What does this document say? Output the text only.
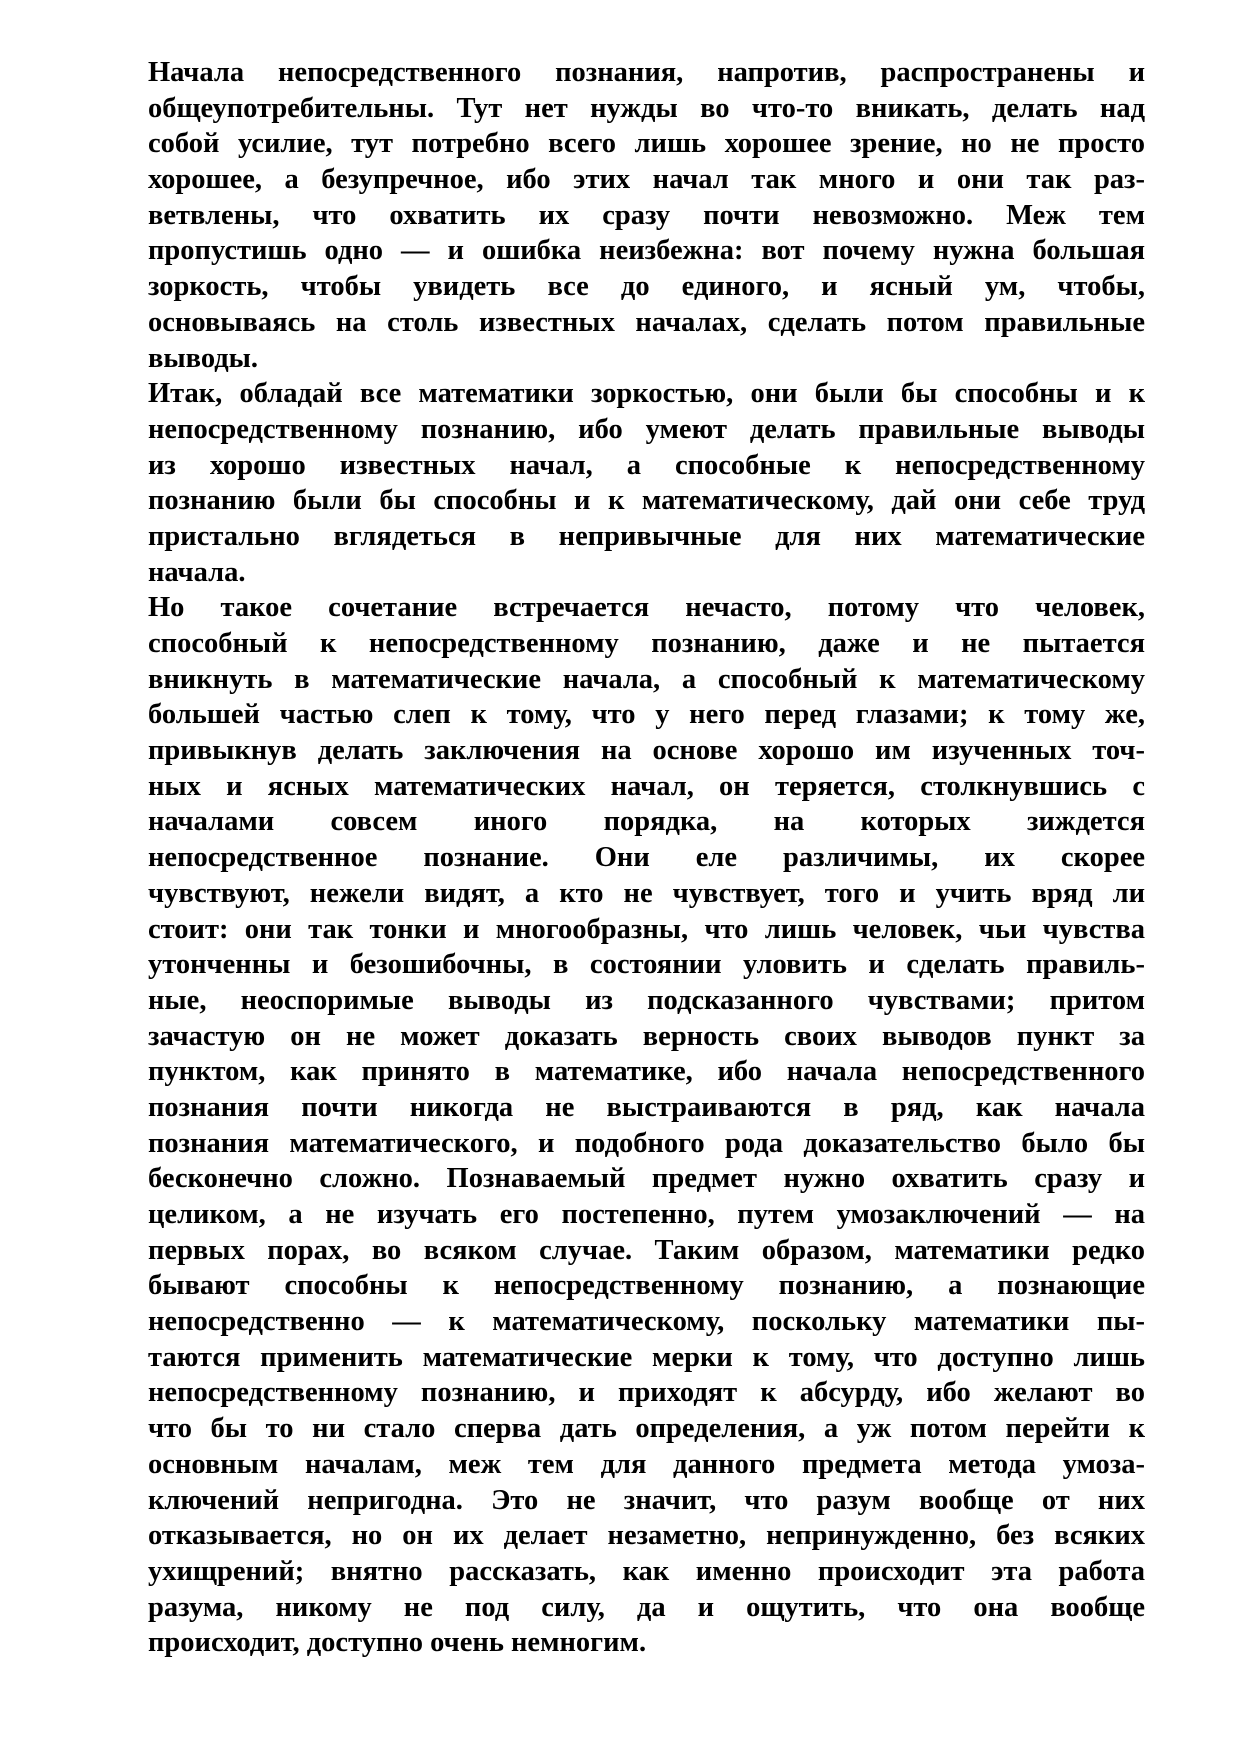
Начала непосредственного познания, напротив, распространены и
общеупотребительны. Тут нет нужды во что-то вникать, делать над
собой усилие, тут потребно всего лишь хорошее зрение, но не просто
хорошее, а безупречное, ибо этих начал так много и они так раз-
ветвлены, что охватить их сразу почти невозможно. Меж тем
пропустишь одно — и ошибка неизбежна: вот почему нужна большая
зоркость, чтобы увидеть все до единого, и ясный ум, чтобы,
основываясь на столь известных началах, сделать потом правильные
выводы.
Итак, обладай все математики зоркостью, они были бы способны и к
непосредственному познанию, ибо умеют делать правильные выводы
из хорошо известных начал, а способные к непосредственному
познанию были бы способны и к математическому, дай они себе труд
пристально вглядеться в непривычные для них математические
начала.
Но такое сочетание встречается нечасто, потому что человек,
способный к непосредственному познанию, даже и не пытается
вникнуть в математические начала, а способный к математическому
большей частью слеп к тому, что у него перед глазами; к тому же,
привыкнув делать заключения на основе хорошо им изученных точ-
ных и ясных математических начал, он теряется, столкнувшись с
началами совсем иного порядка, на которых зиждется
непосредственное познание. Они еле различимы, их скорее
чувствуют, нежели видят, а кто не чувствует, того и учить вряд ли
стоит: они так тонки и многообразны, что лишь человек, чьи чувства
утонченны и безошибочны, в состоянии уловить и сделать правиль-
ные, неоспоримые выводы из подсказанного чувствами; притом
зачастую он не может доказать верность своих выводов пункт за
пунктом, как принято в математике, ибо начала непосредственного
познания почти никогда не выстраиваются в ряд, как начала
познания математического, и подобного рода доказательство было бы
бесконечно сложно. Познаваемый предмет нужно охватить сразу и
целиком, а не изучать его постепенно, путем умозаключений — на
первых порах, во всяком случае. Таким образом, математики редко
бывают способны к непосредственному познанию, а познающие
непосредственно — к математическому, поскольку математики пы-
таются применить математические мерки к тому, что доступно лишь
непосредственному познанию, и приходят к абсурду, ибо желают во
что бы то ни стало сперва дать определения, а уж потом перейти к
основным началам, меж тем для данного предмета метода умоза-
ключений непригодна. Это не значит, что разум вообще от них
отказывается, но он их делает незаметно, непринужденно, без всяких
ухищрений; внятно рассказать, как именно происходит эта работа
разума, никому не под силу, да и ощутить, что она вообще
происходит, доступно очень немногим.
